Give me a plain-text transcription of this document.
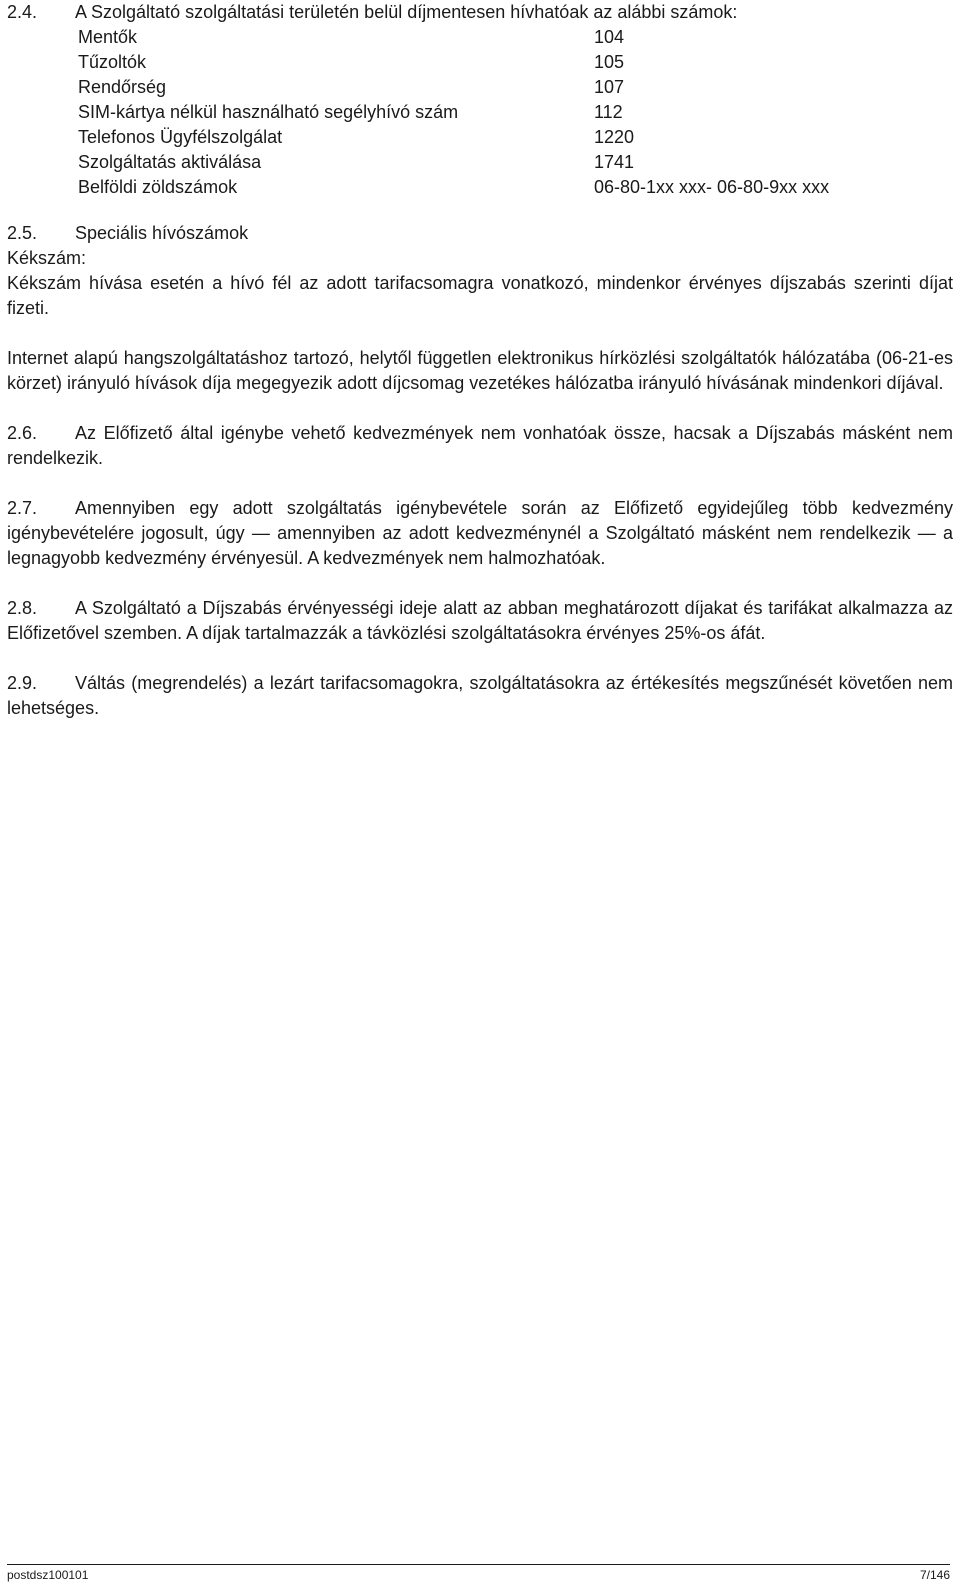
2.4. A Szolgáltató szolgáltatási területén belül díjmentesen hívhatóak az alábbi számok:

Mentők	104
Tűzoltók	105
Rendőrség	107
SIM-kártya nélkül használható segélyhívó szám	112
Telefonos Ügyfélszolgálat	1220
Szolgáltatás aktiválása	1741
Belföldi zöldszámok	06-80-1xx xxx- 06-80-9xx xxx

2.5. Speciális hívószámok

Kékszám:

Kékszám hívása esetén a hívó fél az adott tarifacsomagra vonatkozó, mindenkor érvényes díjszabás szerinti díjat fizeti.

Internet alapú hangszolgáltatáshoz tartozó, helytől független elektronikus hírközlési szolgáltatók hálózatába (06-21-es körzet) irányuló hívások díja megegyezik adott díjcsomag vezetékes hálózatba irányuló hívásának mindenkori díjával.

2.6. Az Előfizető által igénybe vehető kedvezmények nem vonhatóak össze, hacsak a Díjszabás másként nem rendelkezik.

2.7. Amennyiben egy adott szolgáltatás igénybevétele során az Előfizető egyidejűleg több kedvezmény igénybevételére jogosult, úgy — amennyiben az adott kedvezménynél a Szolgáltató másként nem rendelkezik — a legnagyobb kedvezmény érvényesül. A kedvezmények nem halmozhatóak.

2.8. A Szolgáltató a Díjszabás érvényességi ideje alatt az abban meghatározott díjakat és tarifákat alkalmazza az Előfizetővel szemben. A díjak tartalmazzák a távközlési szolgáltatásokra érvényes 25%-os áfát.

2.9. Váltás (megrendelés) a lezárt tarifacsomagokra, szolgáltatásokra az értékesítés megszűnését követően nem lehetséges.

postdsz100101	7/146
